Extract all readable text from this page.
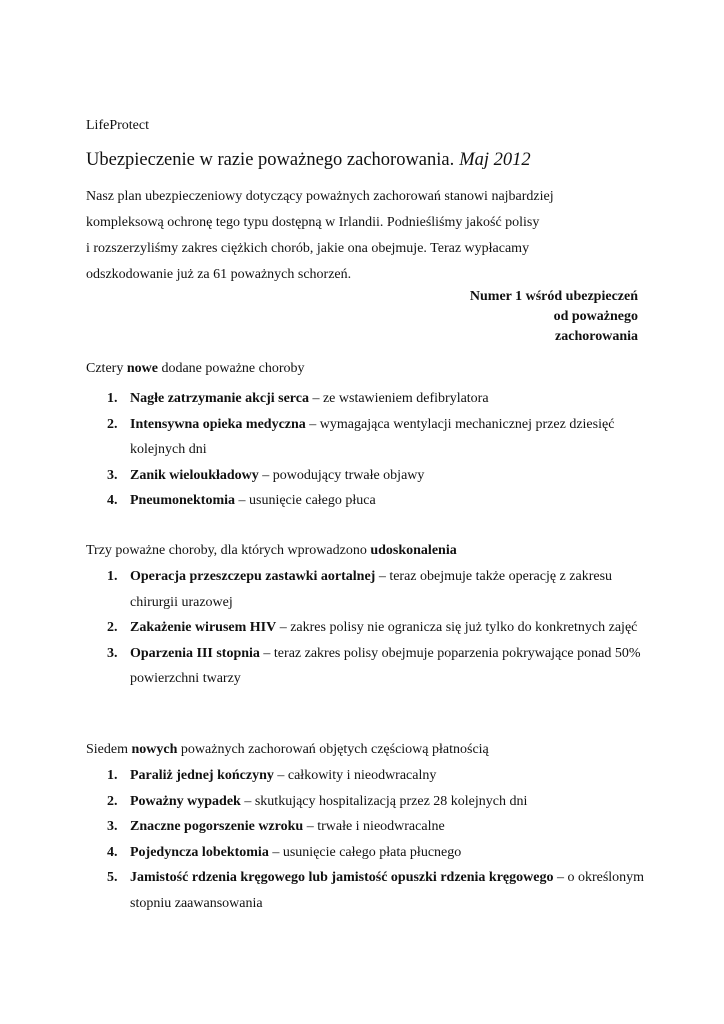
LifeProtect
Ubezpieczenie w razie poważnego zachorowania. Maj 2012
Nasz plan ubezpieczeniowy dotyczący poważnych zachorowań stanowi najbardziej
kompleksową ochronę tego typu dostępną w Irlandii. Podnieśliśmy jakość polisy
i rozszerzyliśmy zakres ciężkich chorób, jakie ona obejmuje. Teraz wypłacamy
odszkodowanie już za 61 poważnych schorzeń.
Numer 1 wśród ubezpieczeń
od poważnego
zachorowania
Cztery nowe dodane poważne choroby
1. Nagłe zatrzymanie akcji serca – ze wstawieniem defibrylatora
2. Intensywna opieka medyczna – wymagająca wentylacji mechanicznej przez dziesięć kolejnych dni
3. Zanik wieloukładowy – powodujący trwałe objawy
4. Pneumonektomia – usunięcie całego płuca
Trzy poważne choroby, dla których wprowadzono udoskonalenia
1. Operacja przeszczepu zastawki aortalnej – teraz obejmuje także operację z zakresu chirurgii urazowej
2. Zakażenie wirusem HIV – zakres polisy nie ogranicza się już tylko do konkretnych zajęć
3. Oparzenia III stopnia – teraz zakres polisy obejmuje poparzenia pokrywające ponad 50% powierzchni twarzy
Siedem nowych poważnych zachorowań objętych częściową płatnością
1. Paraliż jednej kończyny – całkowity i nieodwracalny
2. Poważny wypadek – skutkujący hospitalizacją przez 28 kolejnych dni
3. Znaczne pogorszenie wzroku – trwałe i nieodwracalne
4. Pojedyncza lobektomia – usunięcie całego płata płucnego
5. Jamistość rdzenia kręgowego lub jamistość opuszki rdzenia kręgowego – o określonym stopniu zaawansowania
